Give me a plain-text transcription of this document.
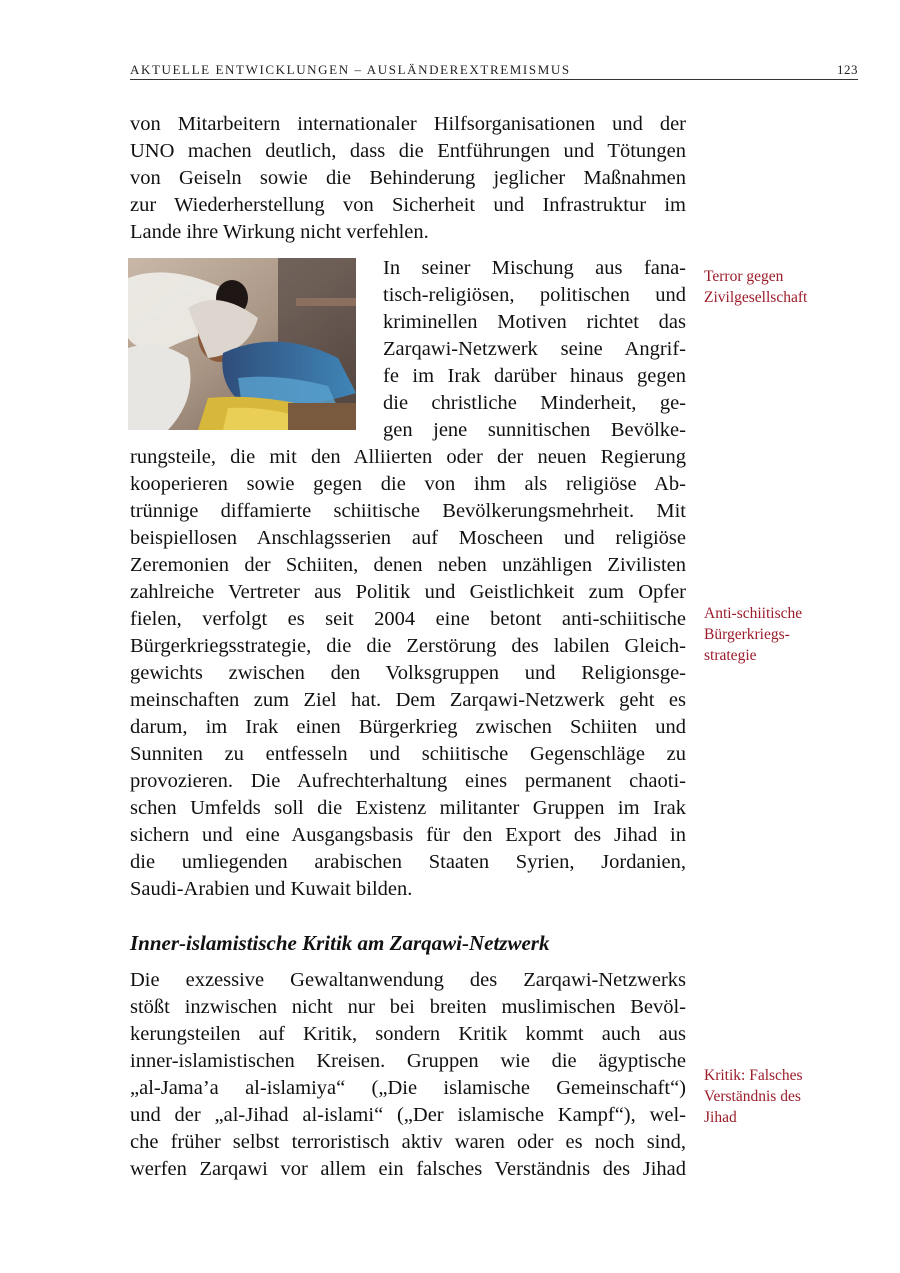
AKTUELLE ENTWICKLUNGEN – AUSLÄNDEREXTREMISMUS	123
von Mitarbeitern internationaler Hilfsorganisationen und der
UNO machen deutlich, dass die Entführungen und Tötungen
von Geiseln sowie die Behinderung jeglicher Maßnahmen
zur Wiederherstellung von Sicherheit und Infrastruktur im
Lande ihre Wirkung nicht verfehlen.
In seiner Mischung aus fana-
tisch-religiösen, politischen und
kriminellen Motiven richtet das
Zarqawi-Netzwerk seine Angrif-
fe im Irak darüber hinaus gegen
die christliche Minderheit, ge-
gen jene sunnitischen Bevölke-
rungsteile, die mit den Alliierten oder der neuen Regierung
kooperieren sowie gegen die von ihm als religiöse Ab-
trünnige diffamierte schiitische Bevölkerungsmehrheit. Mit
beispiellosen Anschlagsserien auf Moscheen und religiöse
Zeremonien der Schiiten, denen neben unzähligen Zivilisten
zahlreiche Vertreter aus Politik und Geistlichkeit zum Opfer
fielen, verfolgt es seit 2004 eine betont anti-schiitische
Bürgerkriegsstrategie, die die Zerstörung des labilen Gleich-
gewichts zwischen den Volksgruppen und Religionsge-
meinschaften zum Ziel hat. Dem Zarqawi-Netzwerk geht es
darum, im Irak einen Bürgerkrieg zwischen Schiiten und
Sunniten zu entfesseln und schiitische Gegenschläge zu
provozieren. Die Aufrechterhaltung eines permanent chaoti-
schen Umfelds soll die Existenz militanter Gruppen im Irak
sichern und eine Ausgangsbasis für den Export des Jihad in
die umliegenden arabischen Staaten Syrien, Jordanien,
Saudi-Arabien und Kuwait bilden.
Die exzessive Gewaltanwendung des Zarqawi-Netzwerks
stößt inzwischen nicht nur bei breiten muslimischen Bevöl-
kerungsteilen auf Kritik, sondern Kritik kommt auch aus
inner-islamistischen Kreisen. Gruppen wie die ägyptische
„al-Jama’a al-islamiya“ („Die islamische Gemeinschaft“)
und der „al-Jihad al-islami“ („Der islamische Kampf“), wel-
che früher selbst terroristisch aktiv waren oder es noch sind,
werfen Zarqawi vor allem ein falsches Verständnis des Jihad
Inner-islamistische Kritik am Zarqawi-Netzwerk
Terror gegen
Zivilgesellschaft
Anti-schiitische
Bürgerkriegs-
strategie
Kritik: Falsches
Verständnis des
Jihad
